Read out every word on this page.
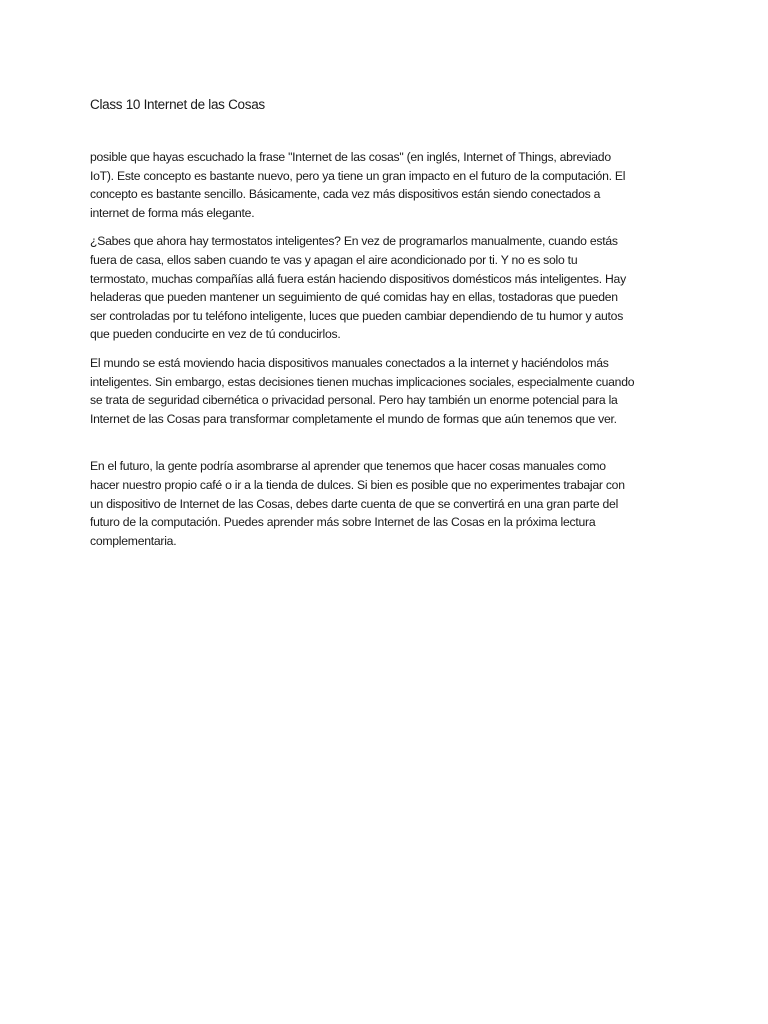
Class 10 Internet de las Cosas

posible que hayas escuchado la frase "Internet de las cosas" (en inglés, Internet of Things, abreviado
IoT). Este concepto es bastante nuevo, pero ya tiene un gran impacto en el futuro de la computación. El
concepto es bastante sencillo. Básicamente, cada vez más dispositivos están siendo conectados a
internet de forma más elegante.

¿Sabes que ahora hay termostatos inteligentes? En vez de programarlos manualmente, cuando estás
fuera de casa, ellos saben cuando te vas y apagan el aire acondicionado por ti. Y no es solo tu
termostato, muchas compañías allá fuera están haciendo dispositivos domésticos más inteligentes. Hay
heladeras que pueden mantener un seguimiento de qué comidas hay en ellas, tostadoras que pueden
ser controladas por tu teléfono inteligente, luces que pueden cambiar dependiendo de tu humor y autos
que pueden conducirte en vez de tú conducirlos.

El mundo se está moviendo hacia dispositivos manuales conectados a la internet y haciéndolos más
inteligentes. Sin embargo, estas decisiones tienen muchas implicaciones sociales, especialmente cuando
se trata de seguridad cibernética o privacidad personal. Pero hay también un enorme potencial para la
Internet de las Cosas para transformar completamente el mundo de formas que aún tenemos que ver.

En el futuro, la gente podría asombrarse al aprender que tenemos que hacer cosas manuales como
hacer nuestro propio café o ir a la tienda de dulces. Si bien es posible que no experimentes trabajar con
un dispositivo de Internet de las Cosas, debes darte cuenta de que se convertirá en una gran parte del
futuro de la computación. Puedes aprender más sobre Internet de las Cosas en la próxima lectura
complementaria.
